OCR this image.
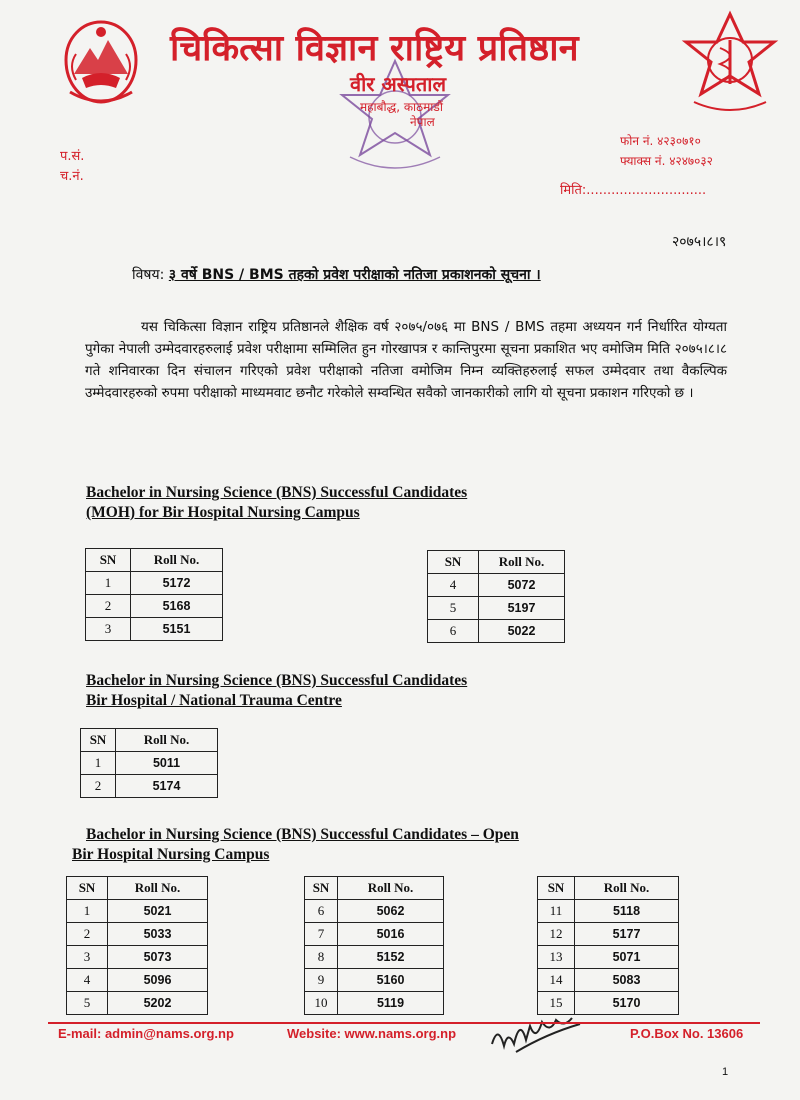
चिकित्सा विज्ञान राष्ट्रिय प्रतिष्ठान
वीर अस्पताल
महाबौद्ध, काठमाडौं
नेपाल
प.सं.
च.नं.
फोन नं. ४२३०७१०
फ्याक्स नं. ४२४७०३२
मिति:.............................
२०७५।८।९
विषय: ३ वर्षे BNS / BMS तहको प्रवेश परीक्षाको नतिजा प्रकाशनको सूचना ।
यस चिकित्सा विज्ञान राष्ट्रिय प्रतिष्ठानले शैक्षिक वर्ष २०७५/०७६ मा BNS / BMS तहमा अध्ययन गर्न निर्धारित योग्यता पुगेका नेपाली उम्मेदवारहरुलाई प्रवेश परीक्षामा सम्मिलित हुन गोरखापत्र र कान्तिपुरमा सूचना प्रकाशित भए वमोजिम मिति २०७५।८।८ गते शनिवारका दिन संचालन गरिएको प्रवेश परीक्षाको नतिजा वमोजिम निम्न व्यक्तिहरुलाई सफल उम्मेदवार तथा वैकल्पिक उम्मेदवारहरुको रुपमा परीक्षाको माध्यमवाट छनौट गरेकोले सम्वन्धित सवैको जानकारीको लागि यो सूचना प्रकाशन गरिएको छ ।
Bachelor in Nursing Science (BNS) Successful Candidates
(MOH) for Bir Hospital Nursing Campus
SN	Roll No.
1	5172
2	5168
3	5151
SN	Roll No.
4	5072
5	5197
6	5022
Bachelor in Nursing Science (BNS) Successful Candidates
Bir Hospital / National Trauma Centre
SN	Roll No.
1	5011
2	5174
Bachelor in Nursing Science (BNS) Successful Candidates – Open
Bir Hospital Nursing Campus
SN	Roll No.
1	5021
2	5033
3	5073
4	5096
5	5202
SN	Roll No.
6	5062
7	5016
8	5152
9	5160
10	5119
SN	Roll No.
11	5118
12	5177
13	5071
14	5083
15	5170
E-mail: admin@nams.org.np	Website: www.nams.org.np	P.O.Box No. 13606
1
